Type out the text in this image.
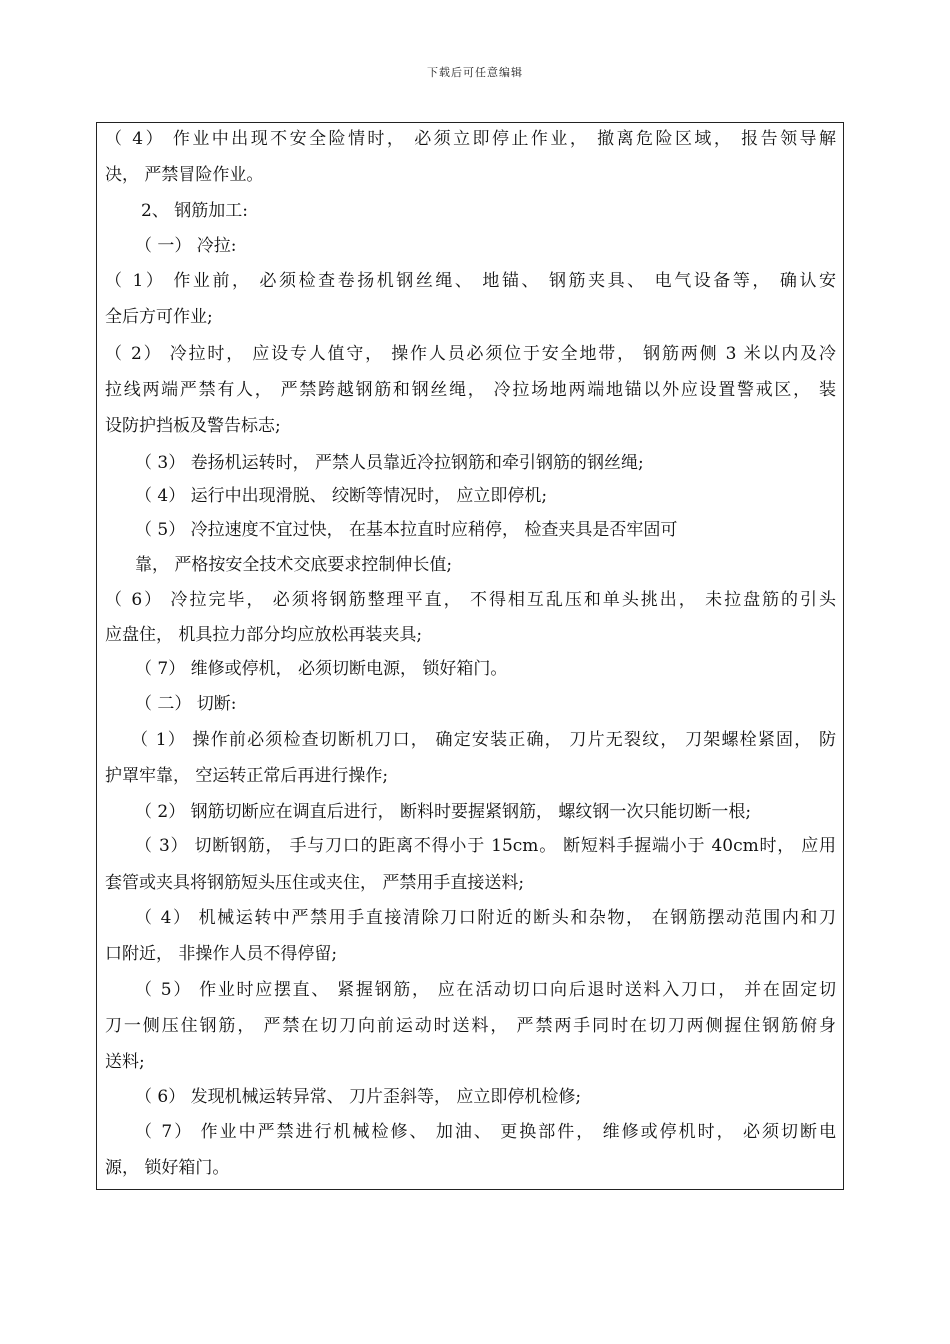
下载后可任意编辑
（ 4） 作业中出现不安全险情时， 必须立即停止作业， 撤离危险区域， 报告领导解
决， 严禁冒险作业。
2、 钢筋加工:
（ 一） 冷拉:
（ 1） 作业前， 必须检查卷扬机钢丝绳、 地锚、 钢筋夹具、 电气设备等， 确认安
全后方可作业;
（ 2） 冷拉时， 应设专人值守， 操作人员必须位于安全地带， 钢筋两侧 3 米以内及冷
拉线两端严禁有人， 严禁跨越钢筋和钢丝绳， 冷拉场地两端地锚以外应设置警戒区， 装
设防护挡板及警告标志;
（ 3） 卷扬机运转时， 严禁人员靠近冷拉钢筋和牵引钢筋的钢丝绳;
（ 4） 运行中出现滑脱、 绞断等情况时， 应立即停机;
（ 5） 冷拉速度不宜过快， 在基本拉直时应稍停， 检查夹具是否牢固可
靠， 严格按安全技术交底要求控制伸长值;
（ 6） 冷拉完毕， 必须将钢筋整理平直， 不得相互乱压和单头挑出， 未拉盘筋的引头
应盘住， 机具拉力部分均应放松再装夹具;
（ 7） 维修或停机， 必须切断电源， 锁好箱门。
（ 二） 切断:
（ 1） 操作前必须检查切断机刀口， 确定安装正确， 刀片无裂纹， 刀架螺栓紧固， 防
护罩牢靠， 空运转正常后再进行操作;
（ 2） 钢筋切断应在调直后进行， 断料时要握紧钢筋， 螺纹钢一次只能切断一根;
（ 3） 切断钢筋， 手与刀口的距离不得小于 15cm。 断短料手握端小于 40cm时， 应用
套管或夹具将钢筋短头压住或夹住， 严禁用手直接送料;
（ 4） 机械运转中严禁用手直接清除刀口附近的断头和杂物， 在钢筋摆动范围内和刀
口附近， 非操作人员不得停留;
（ 5） 作业时应摆直、 紧握钢筋， 应在活动切口向后退时送料入刀口， 并在固定切
刀一侧压住钢筋， 严禁在切刀向前运动时送料， 严禁两手同时在切刀两侧握住钢筋俯身
送料;
（ 6） 发现机械运转异常、 刀片歪斜等， 应立即停机检修;
（ 7） 作业中严禁进行机械检修、 加油、 更换部件， 维修或停机时， 必须切断电
源， 锁好箱门。
